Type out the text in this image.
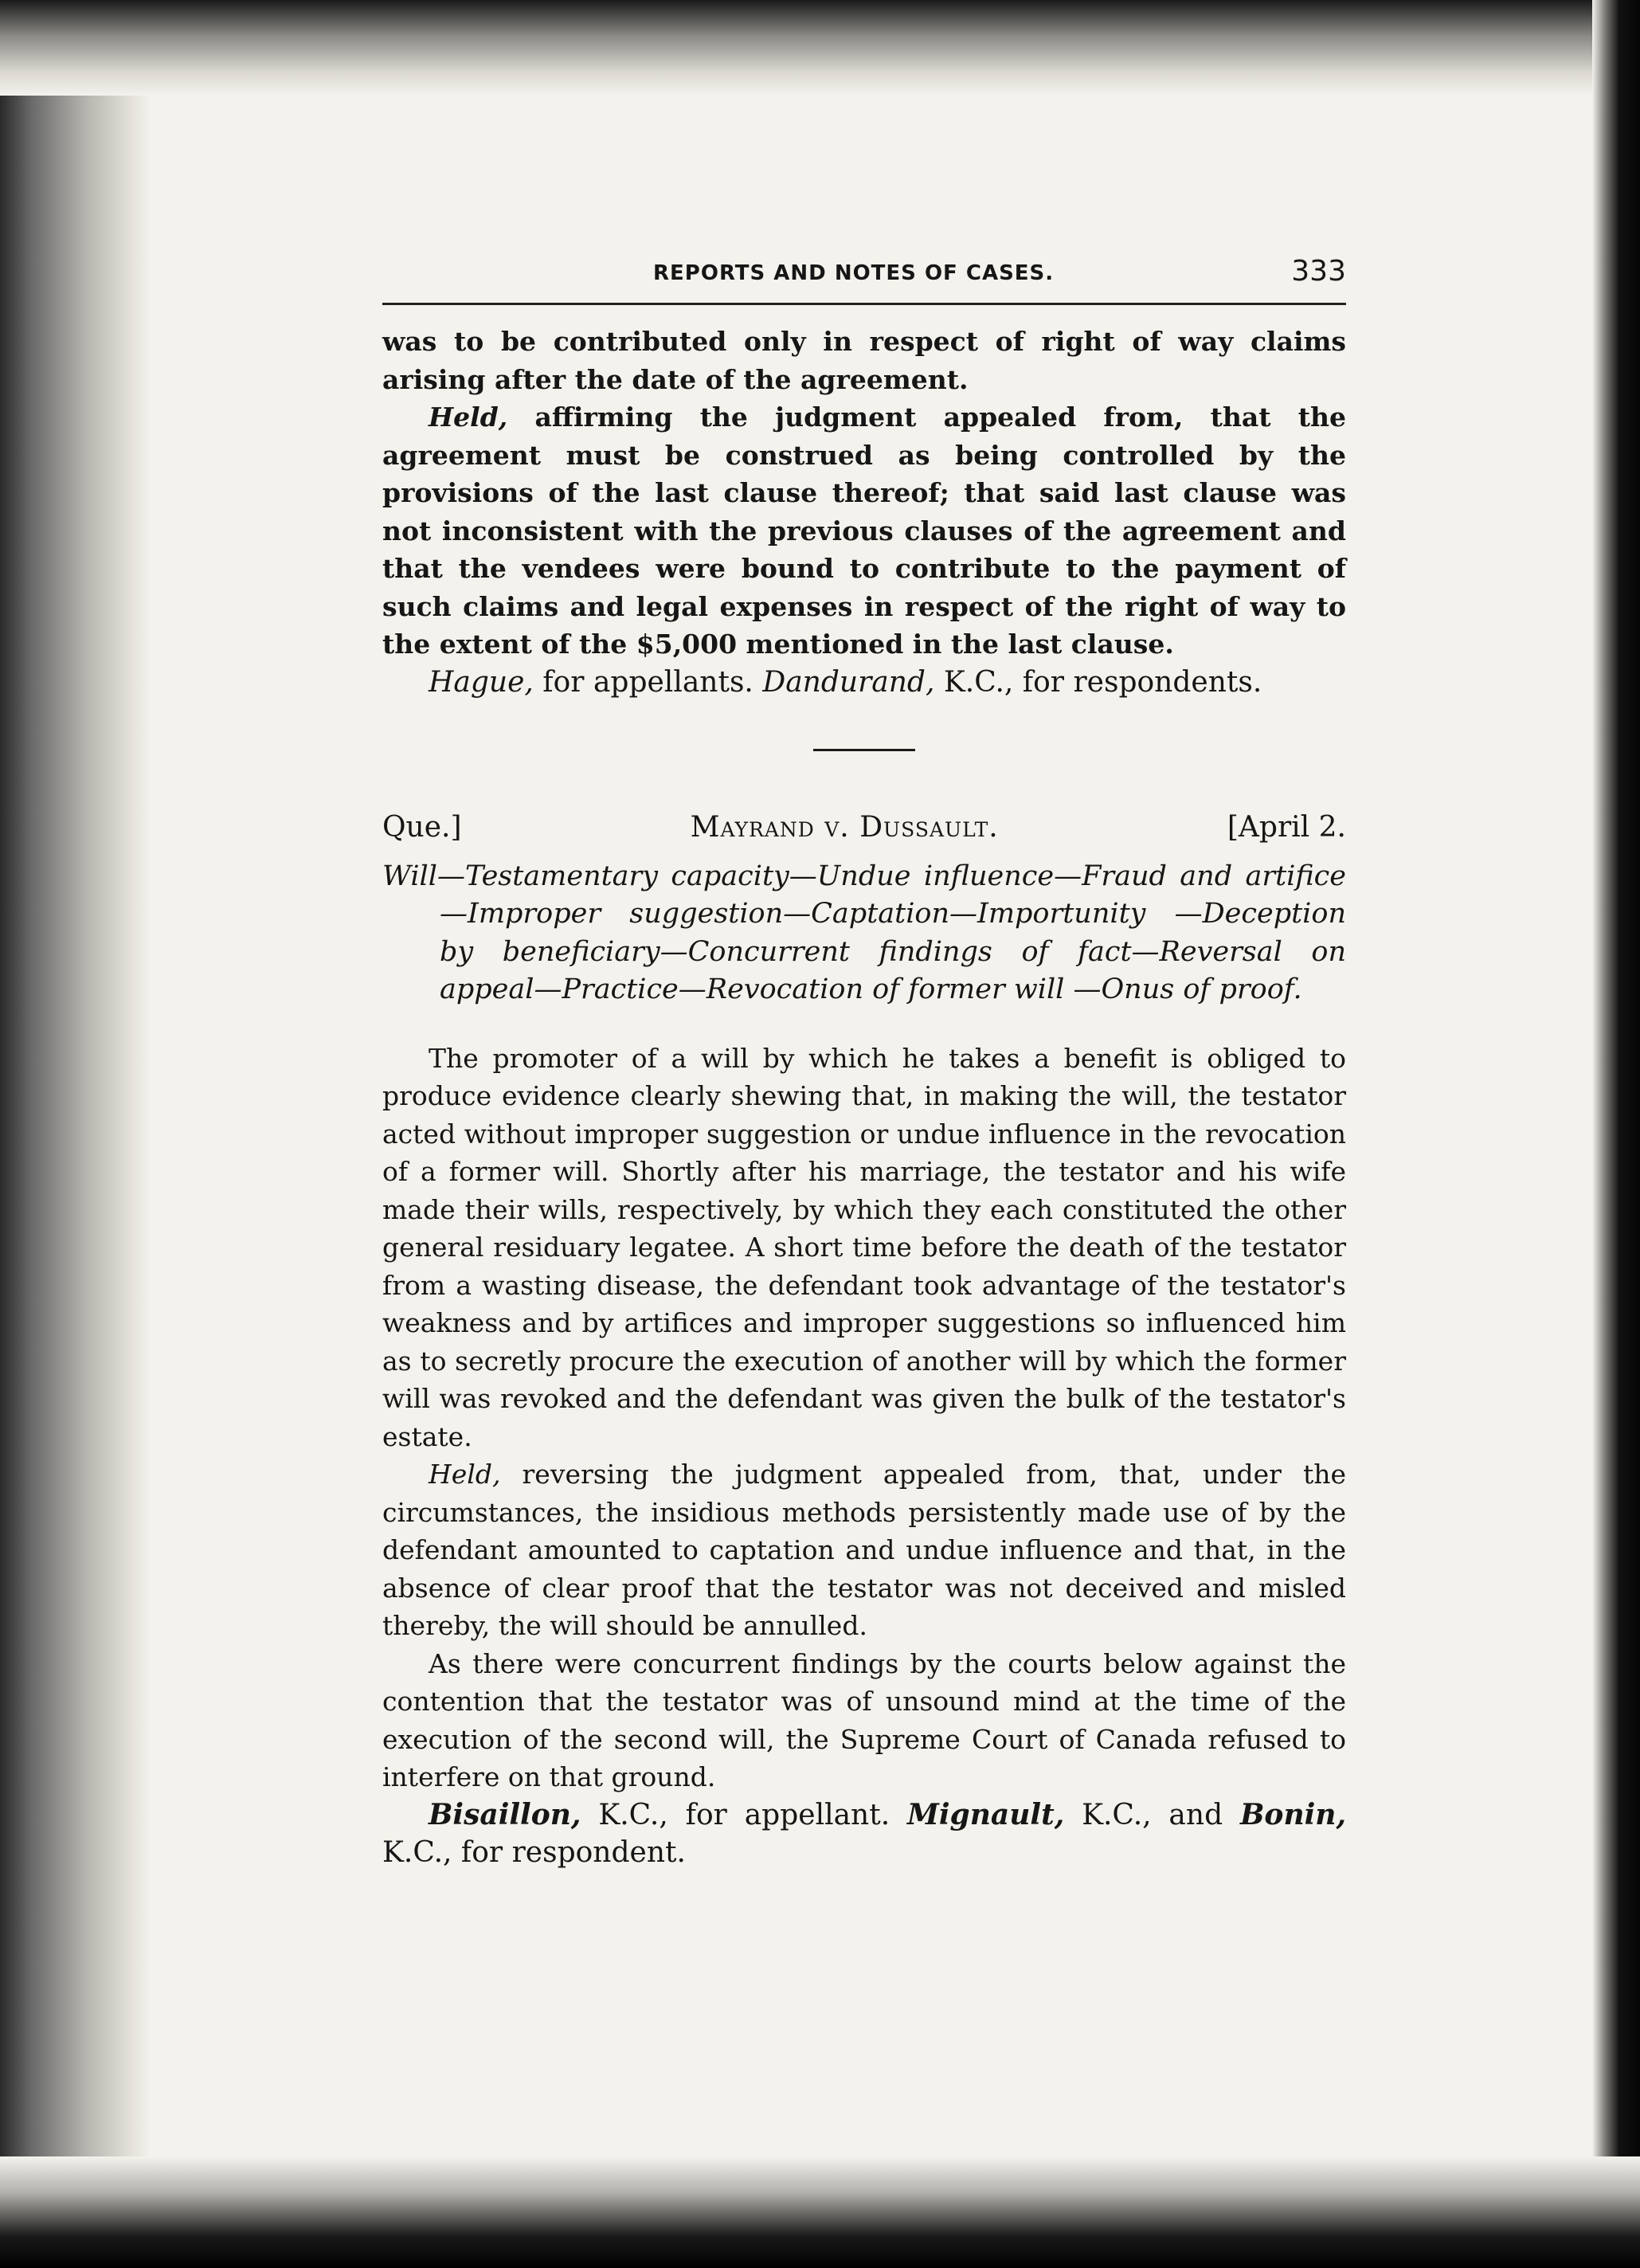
REPORTS AND NOTES OF CASES.	333

was to be contributed only in respect of right of way claims arising after the date of the agreement.

Held, affirming the judgment appealed from, that the agreement must be construed as being controlled by the provisions of the last clause thereof; that said last clause was not inconsistent with the previous clauses of the agreement and that the vendees were bound to contribute to the payment of such claims and legal expenses in respect of the right of way to the extent of the $5,000 mentioned in the last clause.

Hague, for appellants. Dandurand, K.C., for respondents.

Que.]	Mayrand v. Dussault.	[April 2.

Will—Testamentary capacity—Undue influence—Fraud and artifice—Improper suggestion—Captation—Importunity —Deception by beneficiary—Concurrent findings of fact—Reversal on appeal—Practice—Revocation of former will —Onus of proof.

The promoter of a will by which he takes a benefit is obliged to produce evidence clearly shewing that, in making the will, the testator acted without improper suggestion or undue influence in the revocation of a former will. Shortly after his marriage, the testator and his wife made their wills, respectively, by which they each constituted the other general residuary legatee. A short time before the death of the testator from a wasting disease, the defendant took advantage of the testator's weakness and by artifices and improper suggestions so influenced him as to secretly procure the execution of another will by which the former will was revoked and the defendant was given the bulk of the testator's estate.

Held, reversing the judgment appealed from, that, under the circumstances, the insidious methods persistently made use of by the defendant amounted to captation and undue influence and that, in the absence of clear proof that the testator was not deceived and misled thereby, the will should be annulled.

As there were concurrent findings by the courts below against the contention that the testator was of unsound mind at the time of the execution of the second will, the Supreme Court of Canada refused to interfere on that ground.

Bisaillon, K.C., for appellant. Mignault, K.C., and Bonin, K.C., for respondent.
